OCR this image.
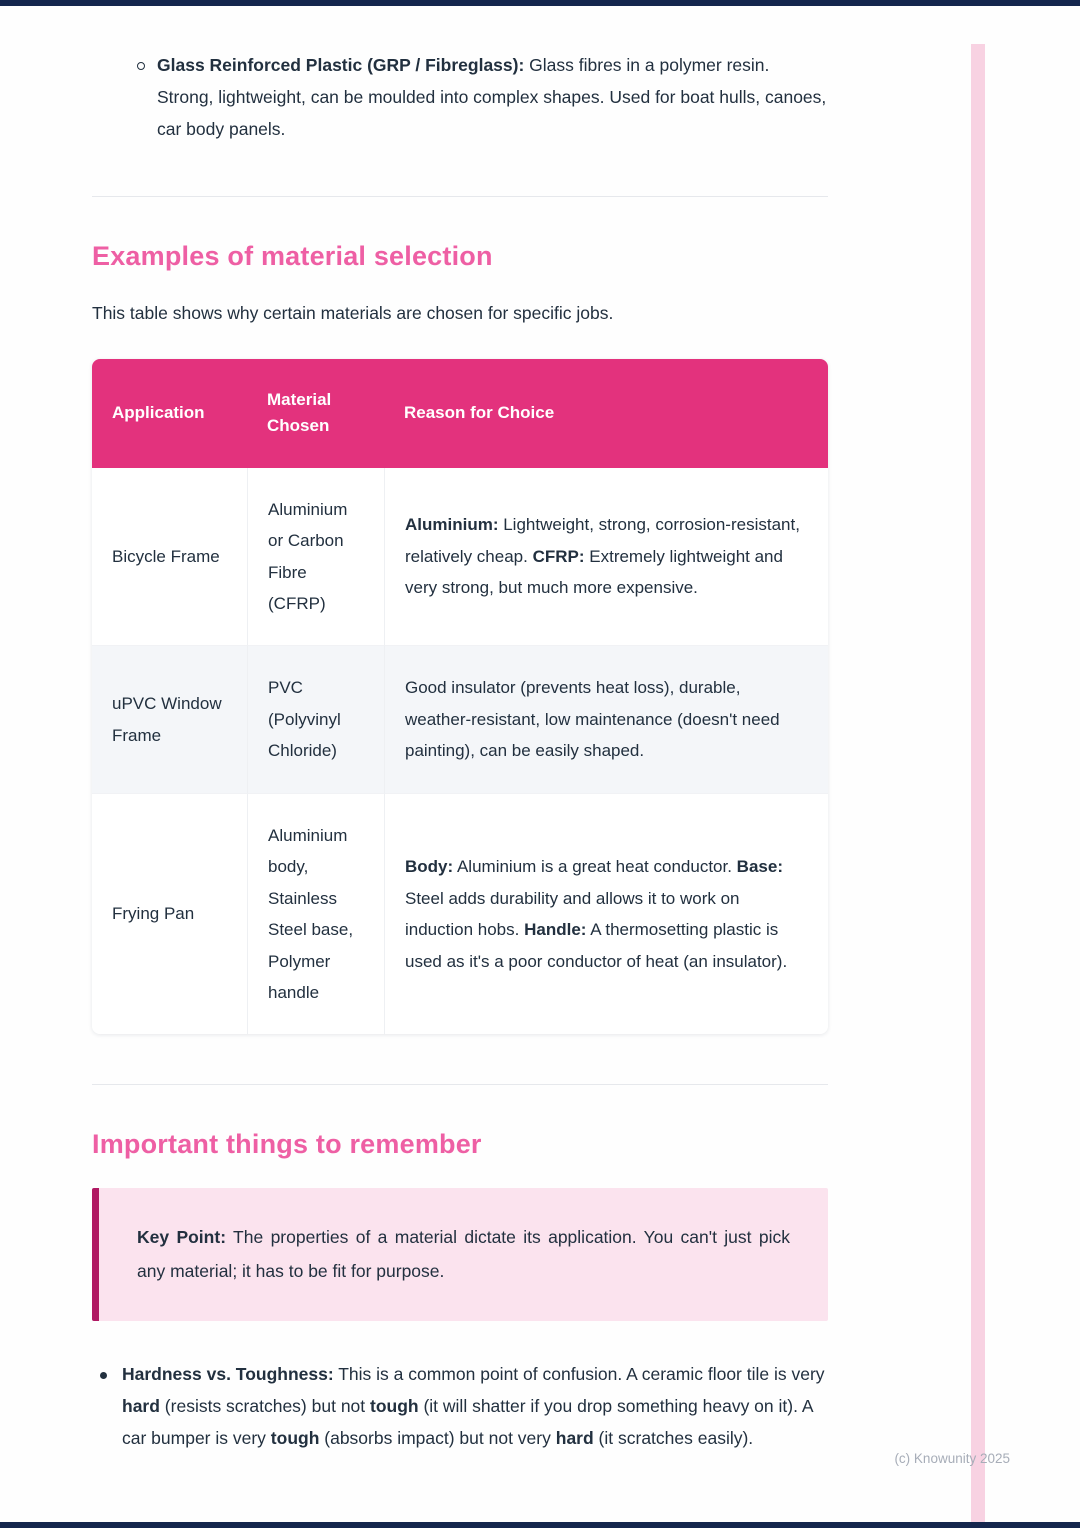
Glass Reinforced Plastic (GRP / Fibreglass): Glass fibres in a polymer resin. Strong, lightweight, can be moulded into complex shapes. Used for boat hulls, canoes, car body panels.
Examples of material selection

This table shows why certain materials are chosen for specific jobs.

Application	Material Chosen	Reason for Choice
Bicycle Frame	Aluminium or Carbon Fibre (CFRP)	Aluminium: Lightweight, strong, corrosion-resistant, relatively cheap. CFRP: Extremely lightweight and very strong, but much more expensive.
uPVC Window Frame	PVC (Polyvinyl Chloride)	Good insulator (prevents heat loss), durable, weather-resistant, low maintenance (doesn't need painting), can be easily shaped.
Frying Pan	Aluminium body, Stainless Steel base, Polymer handle	Body: Aluminium is a great heat conductor. Base: Steel adds durability and allows it to work on induction hobs. Handle: A thermosetting plastic is used as it's a poor conductor of heat (an insulator).
Important things to remember
Key Point: The properties of a material dictate its application. You can't just pick any material; it has to be fit for purpose.
Hardness vs. Toughness: This is a common point of confusion. A ceramic floor tile is very hard (resists scratches) but not tough (it will shatter if you drop something heavy on it). A car bumper is very tough (absorbs impact) but not very hard (it scratches easily).
(c) Knowunity 2025
